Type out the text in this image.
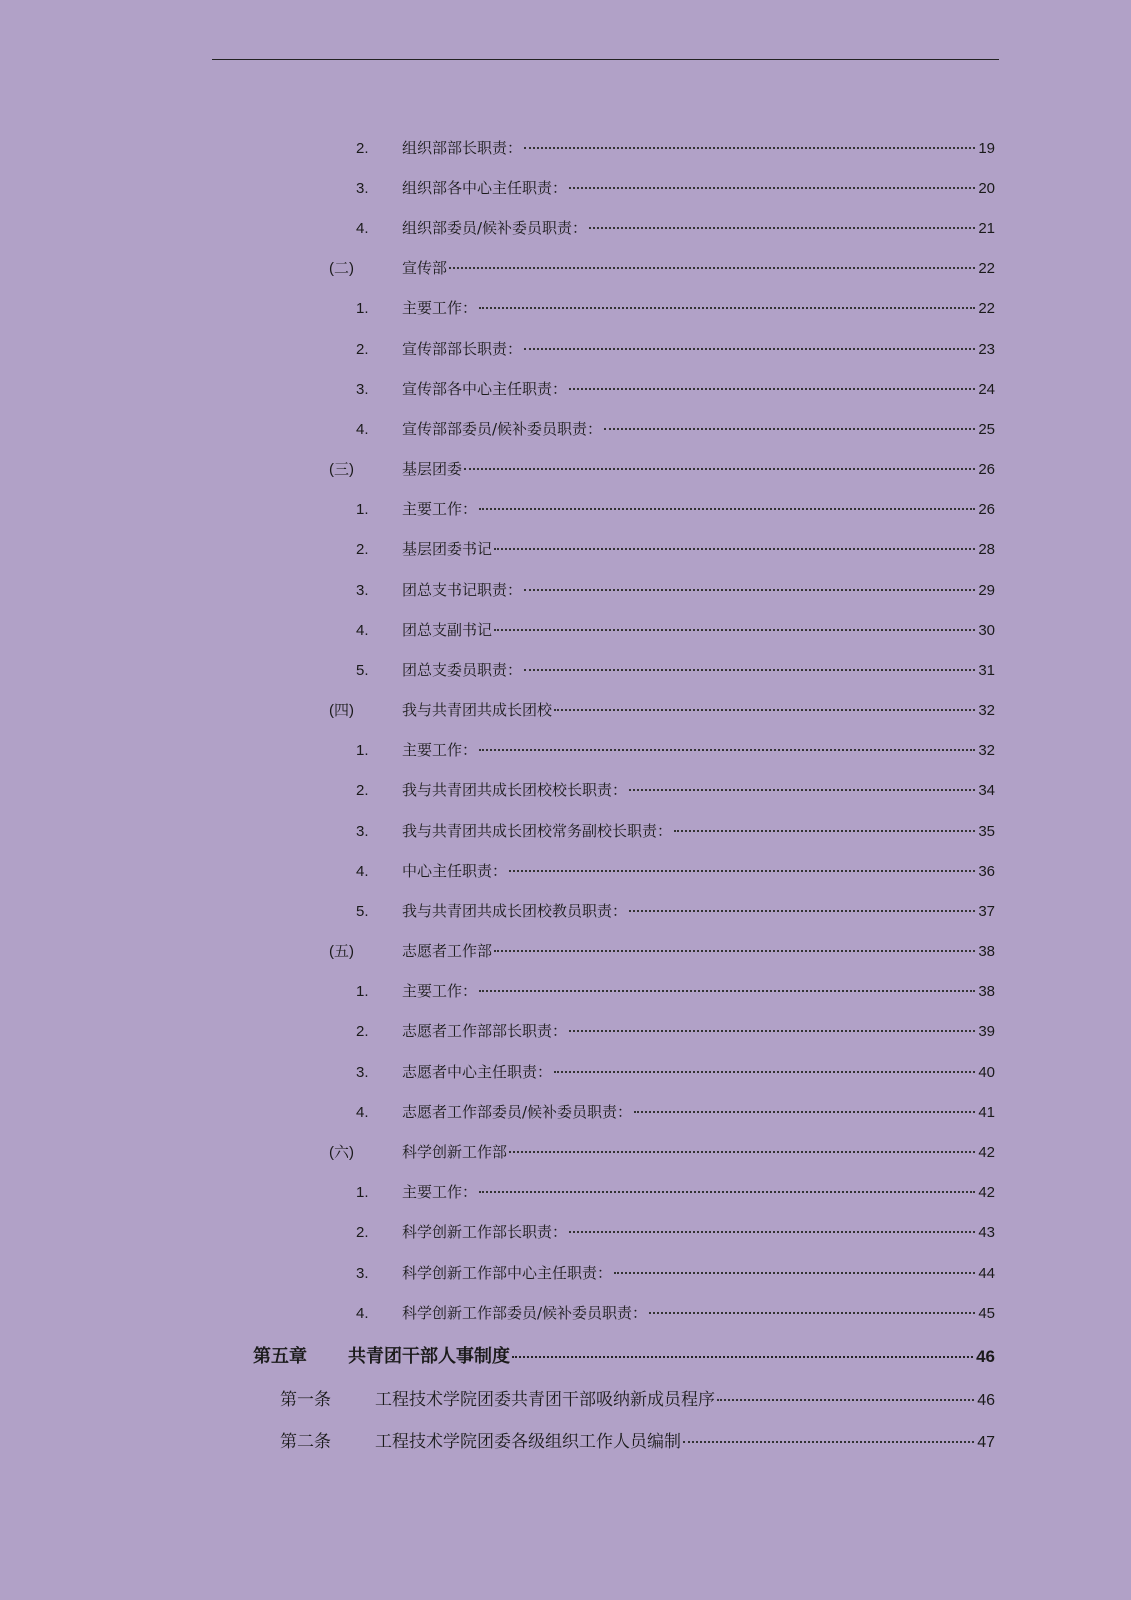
2.	组织部部长职责：	19
3.	组织部各中心主任职责：	20
4.	组织部委员/候补委员职责：	21
(二)	宣传部	22
1.	主要工作：	22
2.	宣传部部长职责：	23
3.	宣传部各中心主任职责：	24
4.	宣传部部委员/候补委员职责：	25
(三)	基层团委	26
1.	主要工作：	26
2.	基层团委书记	28
3.	团总支书记职责：	29
4.	团总支副书记	30
5.	团总支委员职责：	31
(四)	我与共青团共成长团校	32
1.	主要工作：	32
2.	我与共青团共成长团校校长职责：	34
3.	我与共青团共成长团校常务副校长职责：	35
4.	中心主任职责：	36
5.	我与共青团共成长团校教员职责：	37
(五)	志愿者工作部	38
1.	主要工作：	38
2.	志愿者工作部部长职责：	39
3.	志愿者中心主任职责：	40
4.	志愿者工作部委员/候补委员职责：	41
(六)	科学创新工作部	42
1.	主要工作：	42
2.	科学创新工作部长职责：	43
3.	科学创新工作部中心主任职责：	44
4.	科学创新工作部委员/候补委员职责：	45
第五章	共青团干部人事制度	46
第一条	工程技术学院团委共青团干部吸纳新成员程序	46
第二条	工程技术学院团委各级组织工作人员编制	47
